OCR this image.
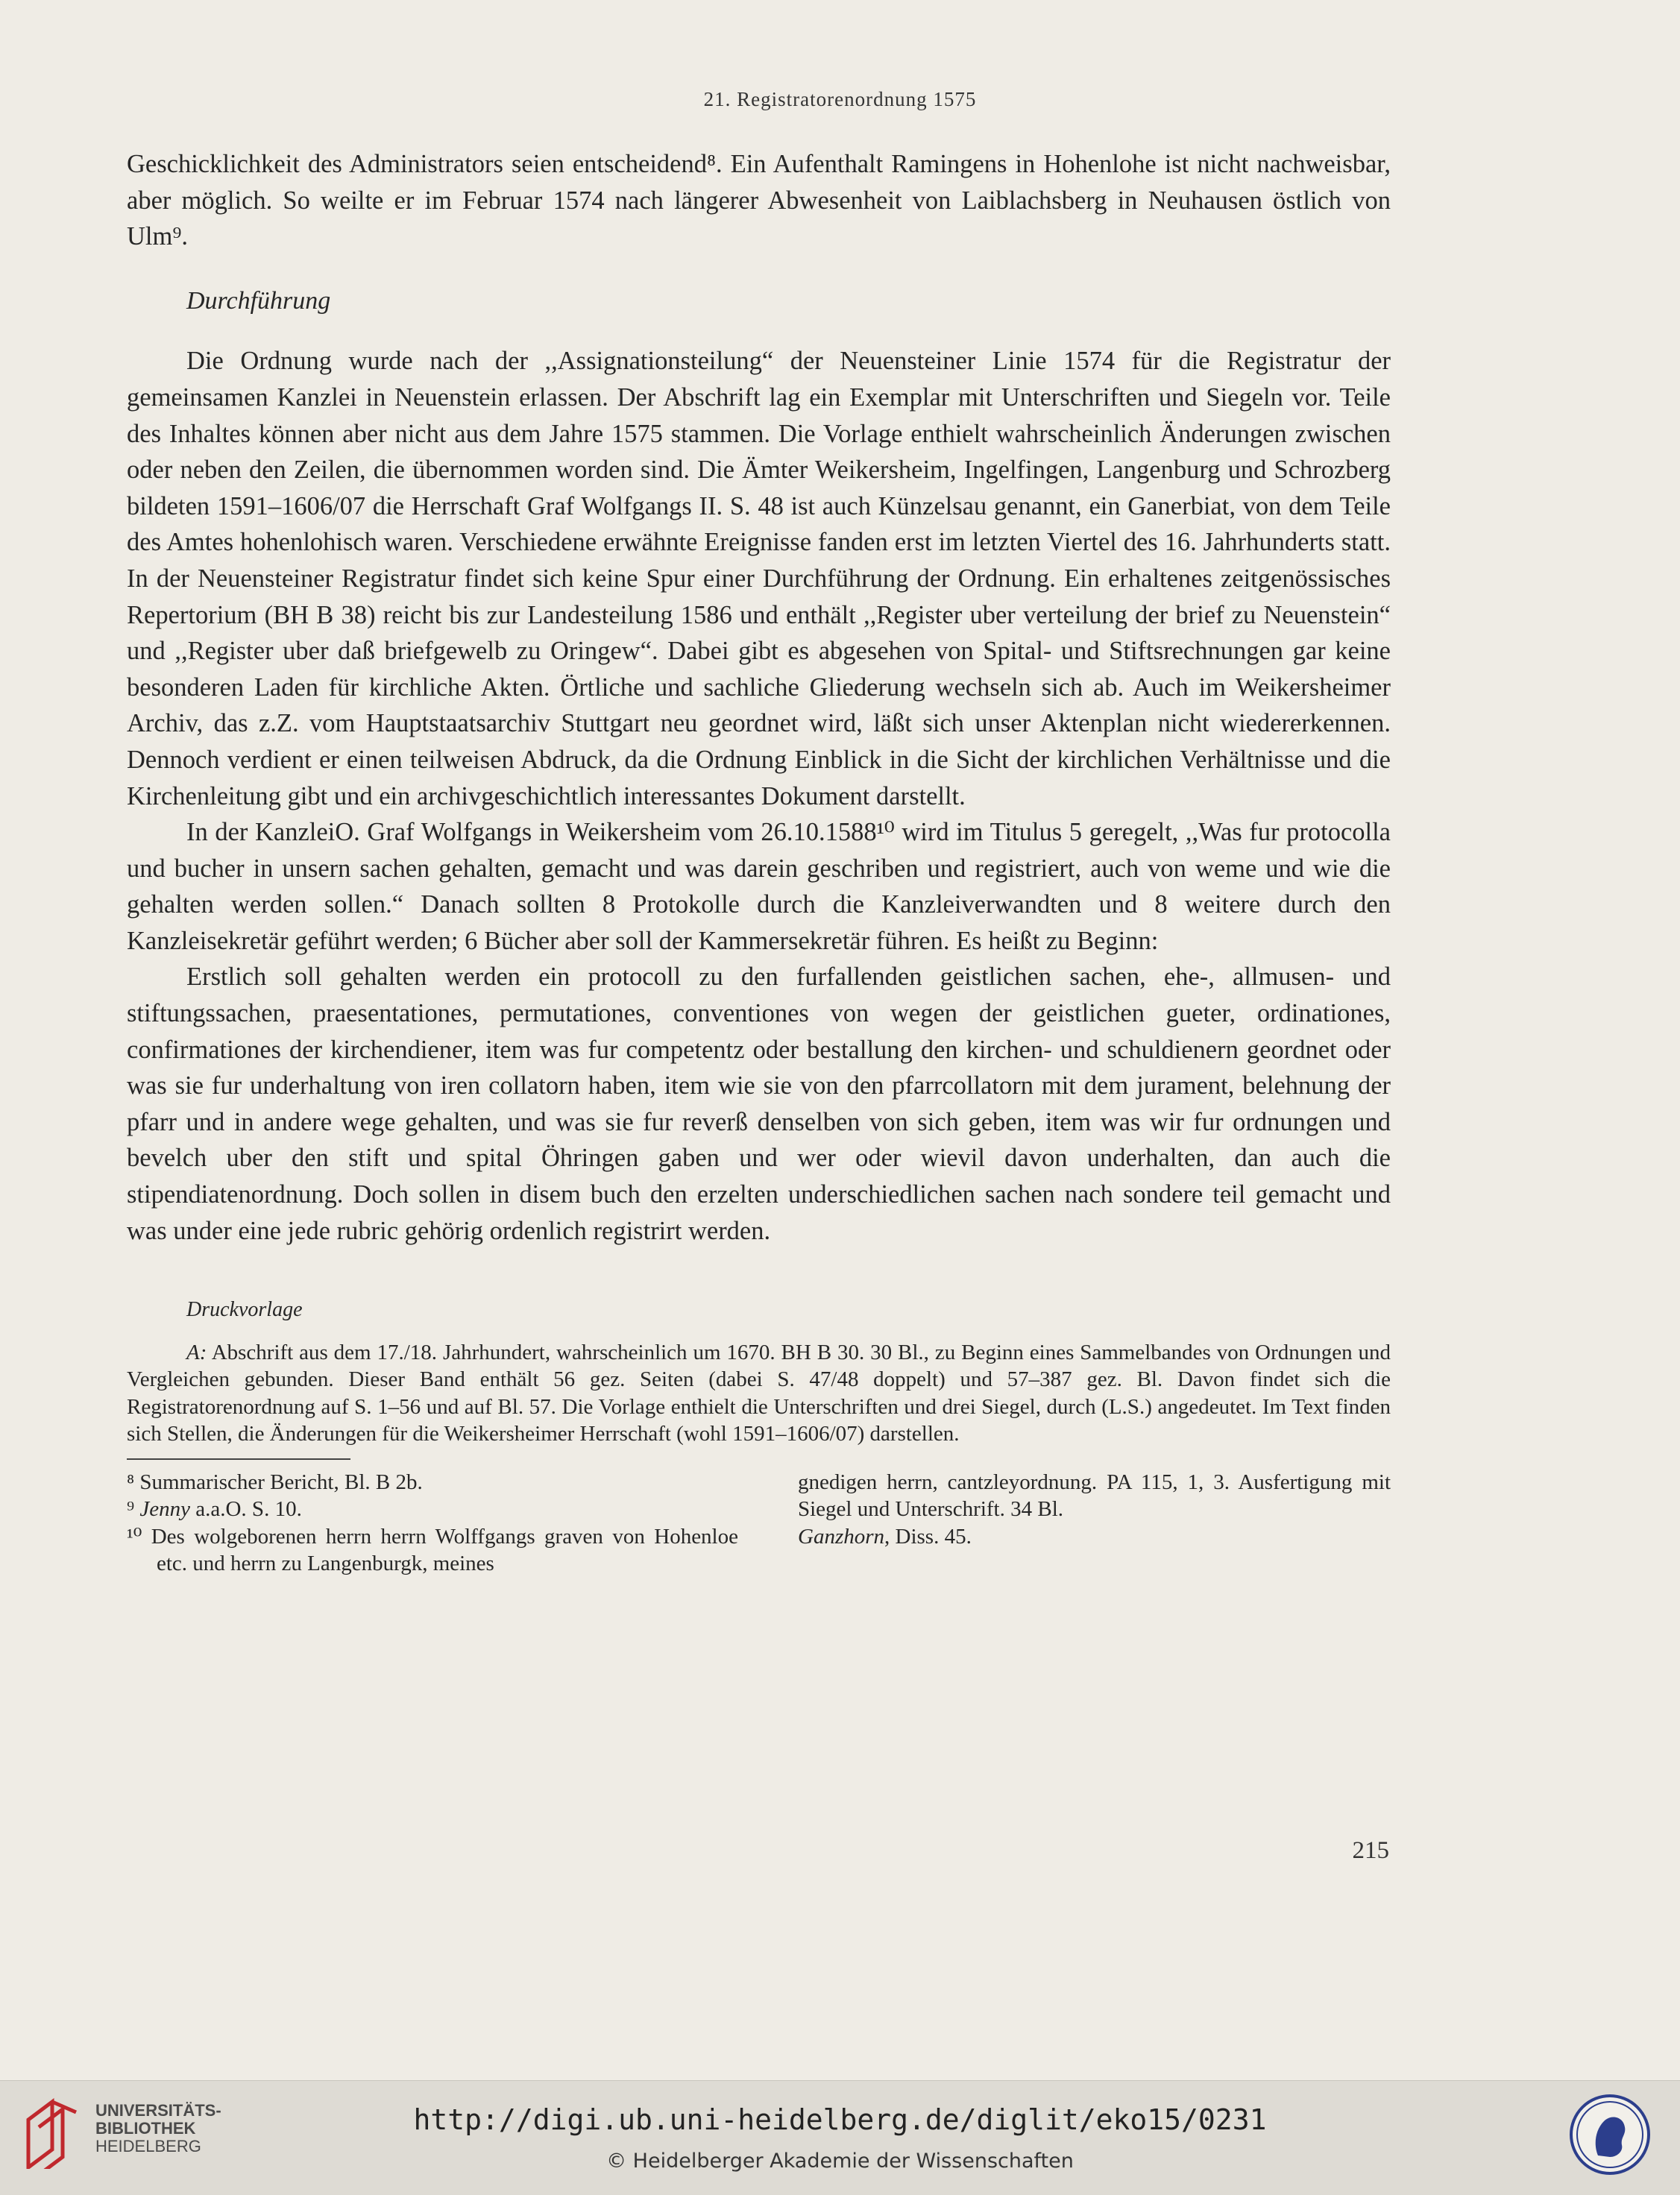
21. Registratorenordnung 1575

Geschicklichkeit des Administrators seien entscheidend⁸. Ein Aufenthalt Ramingens in Hohenlohe ist nicht nachweisbar, aber möglich. So weilte er im Februar 1574 nach längerer Abwesenheit von Laiblachsberg in Neuhausen östlich von Ulm⁹.

Durchführung

Die Ordnung wurde nach der ,,Assignationsteilung“ der Neuensteiner Linie 1574 für die Registratur der gemeinsamen Kanzlei in Neuenstein erlassen. Der Abschrift lag ein Exemplar mit Unterschriften und Siegeln vor. Teile des Inhaltes können aber nicht aus dem Jahre 1575 stammen. Die Vorlage enthielt wahrscheinlich Änderungen zwischen oder neben den Zeilen, die übernommen worden sind. Die Ämter Weikersheim, Ingelfingen, Langenburg und Schrozberg bildeten 1591–1606/07 die Herrschaft Graf Wolfgangs II. S. 48 ist auch Künzelsau genannt, ein Ganerbiat, von dem Teile des Amtes hohenlohisch waren. Verschiedene erwähnte Ereignisse fanden erst im letzten Viertel des 16. Jahrhunderts statt. In der Neuensteiner Registratur findet sich keine Spur einer Durchführung der Ordnung. Ein erhaltenes zeitgenössisches Repertorium (BH B 38) reicht bis zur Landesteilung 1586 und enthält ,,Register uber verteilung der brief zu Neuenstein“ und ,,Register uber daß briefgewelb zu Oringew“. Dabei gibt es abgesehen von Spital- und Stiftsrechnungen gar keine besonderen Laden für kirchliche Akten. Örtliche und sachliche Gliederung wechseln sich ab. Auch im Weikersheimer Archiv, das z.Z. vom Hauptstaatsarchiv Stuttgart neu geordnet wird, läßt sich unser Aktenplan nicht wiedererkennen. Dennoch verdient er einen teilweisen Abdruck, da die Ordnung Einblick in die Sicht der kirchlichen Verhältnisse und die Kirchenleitung gibt und ein archivgeschichtlich interessantes Dokument darstellt.

In der KanzleiO. Graf Wolfgangs in Weikersheim vom 26.10.1588¹⁰ wird im Titulus 5 geregelt, ,,Was fur protocolla und bucher in unsern sachen gehalten, gemacht und was darein geschriben und registriert, auch von weme und wie die gehalten werden sollen.“ Danach sollten 8 Protokolle durch die Kanzleiverwandten und 8 weitere durch den Kanzleisekretär geführt werden; 6 Bücher aber soll der Kammersekretär führen. Es heißt zu Beginn:

Erstlich soll gehalten werden ein protocoll zu den furfallenden geistlichen sachen, ehe-, allmusen- und stiftungssachen, praesentationes, permutationes, conventiones von wegen der geistlichen gueter, ordinationes, confirmationes der kirchendiener, item was fur competentz oder bestallung den kirchen- und schuldienern geordnet oder was sie fur underhaltung von iren collatorn haben, item wie sie von den pfarrcollatorn mit dem jurament, belehnung der pfarr und in andere wege gehalten, und was sie fur reverß denselben von sich geben, item was wir fur ordnungen und bevelch uber den stift und spital Öhringen gaben und wer oder wievil davon underhalten, dan auch die stipendiatenordnung. Doch sollen in disem buch den erzelten underschiedlichen sachen nach sondere teil gemacht und was under eine jede rubric gehörig ordenlich registrirt werden.

Druckvorlage

A: Abschrift aus dem 17./18. Jahrhundert, wahrscheinlich um 1670. BH B 30. 30 Bl., zu Beginn eines Sammelbandes von Ordnungen und Vergleichen gebunden. Dieser Band enthält 56 gez. Seiten (dabei S. 47/48 doppelt) und 57–387 gez. Bl. Davon findet sich die Registratorenordnung auf S. 1–56 und auf Bl. 57. Die Vorlage enthielt die Unterschriften und drei Siegel, durch (L.S.) angedeutet. Im Text finden sich Stellen, die Änderungen für die Weikersheimer Herrschaft (wohl 1591–1606/07) darstellen.

⁸ Summarischer Bericht, Bl. B 2b.

⁹ Jenny a.a.O. S. 10.

¹⁰ Des wolgeborenen herrn herrn Wolffgangs graven von Hohenloe etc. und herrn zu Langenburgk, meines

gnedigen herrn, cantzleyordnung. PA 115, 1, 3. Ausfertigung mit Siegel und Unterschrift. 34 Bl.

Ganzhorn, Diss. 45.

215
UNIVERSITÄTS-
BIBLIOTHEK
HEIDELBERG
http://digi.ub.uni-heidelberg.de/diglit/eko15/0231
© Heidelberger Akademie der Wissenschaften
